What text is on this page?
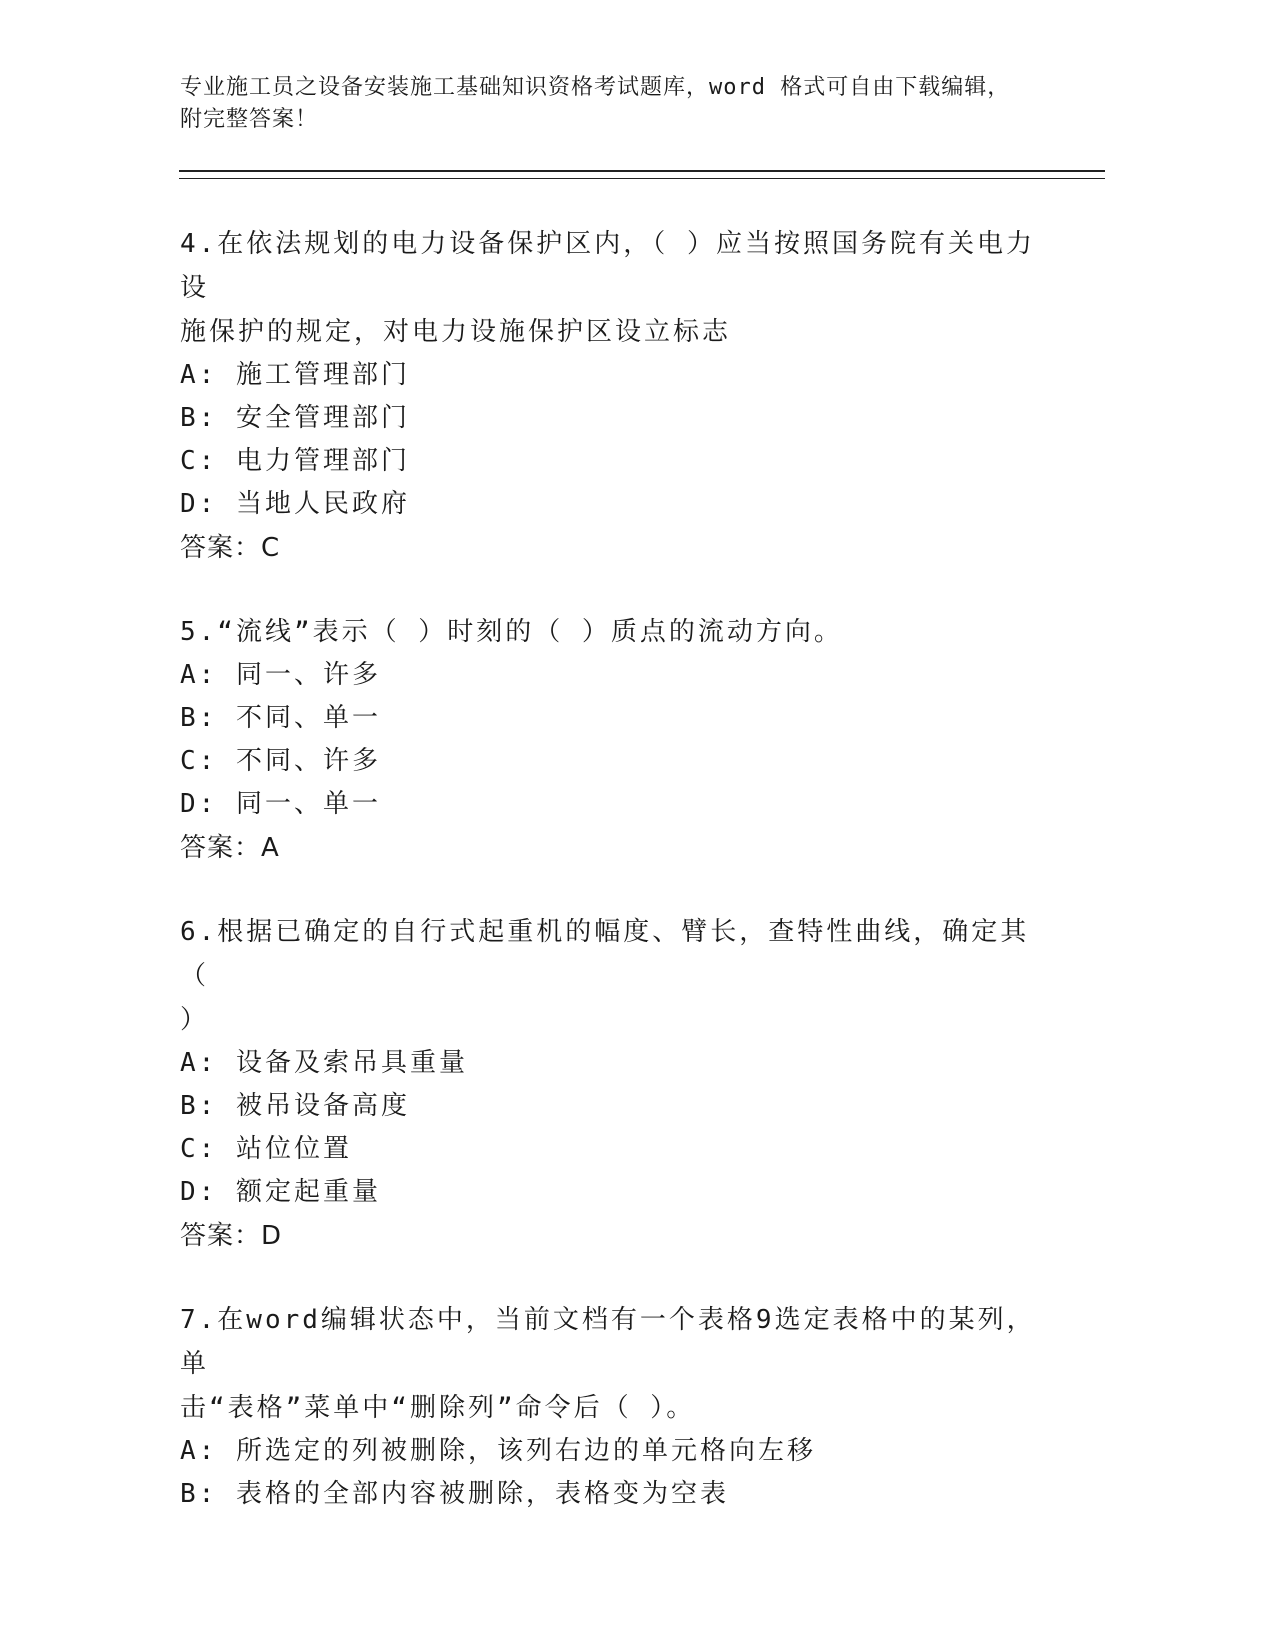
专业施工员之设备安装施工基础知识资格考试题库，word 格式可自由下载编辑，
附完整答案！
4.在依法规划的电力设备保护区内，（ ）应当按照国务院有关电力设
施保护的规定，对电力设施保护区设立标志
A: 施工管理部门
B: 安全管理部门
C: 电力管理部门
D: 当地人民政府
答案：C
5.“流线”表示（ ）时刻的（ ）质点的流动方向。
A: 同一、许多
B: 不同、单一
C: 不同、许多
D: 同一、单一
答案：A
6.根据已确定的自行式起重机的幅度、臂长，查特性曲线，确定其（
）
A: 设备及索吊具重量
B: 被吊设备高度
C: 站位位置
D: 额定起重量
答案：D
7.在word编辑状态中，当前文档有一个表格9选定表格中的某列，单
击“表格”菜单中“删除列”命令后（ ）。
A: 所选定的列被删除，该列右边的单元格向左移
B: 表格的全部内容被删除，表格变为空表
